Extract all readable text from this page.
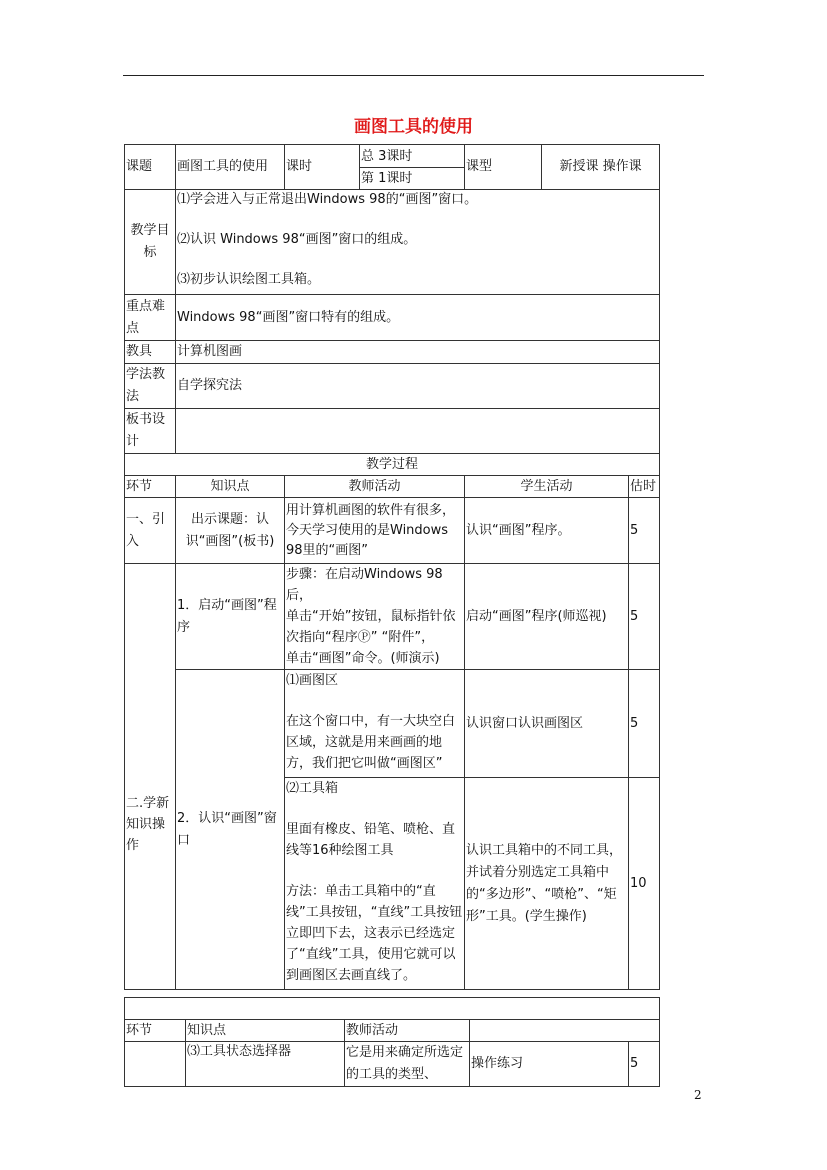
画图工具的使用
课题	画图工具的使用	课时	总 3课时	课型	新授课 操作课	
			第 1课时			
教学目标	⑴学会进入与正常退出Windows 98的“画图”窗口。
⑵认识 Windows 98“画图”窗口的组成。
⑶初步认识绘图工具箱。					

重点难点	Windows 98“画图”窗口特有的组成。					
教具	计算机图画					
学法教法	自学探究法					
板书设计						
教学过程						
环节	知识点	教师活动		学生活动		估时
一、引入	出示课题：认识“画图”(板书)	用计算机画图的软件有很多，今天学习使用的是Windows 98里的“画图”		认识“画图”程序。		5
二.学新知识操作	1．启动“画图”程序	步骤：在启动Windows 98后，
单击“开始”按钮，鼠标指针依
次指向“程序Ⓟ” “附件”，
单击“画图”命令。(师演示)		启动“画图”程序(师巡视)		5
	2．认识“画图”窗口	⑴画图区
在这个窗口中，有一大块空白区域，这就是用来画画的地方，我们把它叫做“画图区”		认识窗口认识画图区		5

		⑵工具箱
里面有橡皮、铅笔、喷枪、直线等16种绘图工具
方法：单击工具箱中的“直线”工具按钮，“直线”工具按钮立即凹下去，这表示已经选定了“直线”工具，使用它就可以到画图区去画直线了。		认识工具箱中的不同工具，并试着分别选定工具箱中的“多边形”、“喷枪”、“矩形”工具。(学生操作)		10

环节	知识点	教师活动		
	⑶工具状态选择器	它是用来确定所选定的工具的类型、	操作练习	5
2
